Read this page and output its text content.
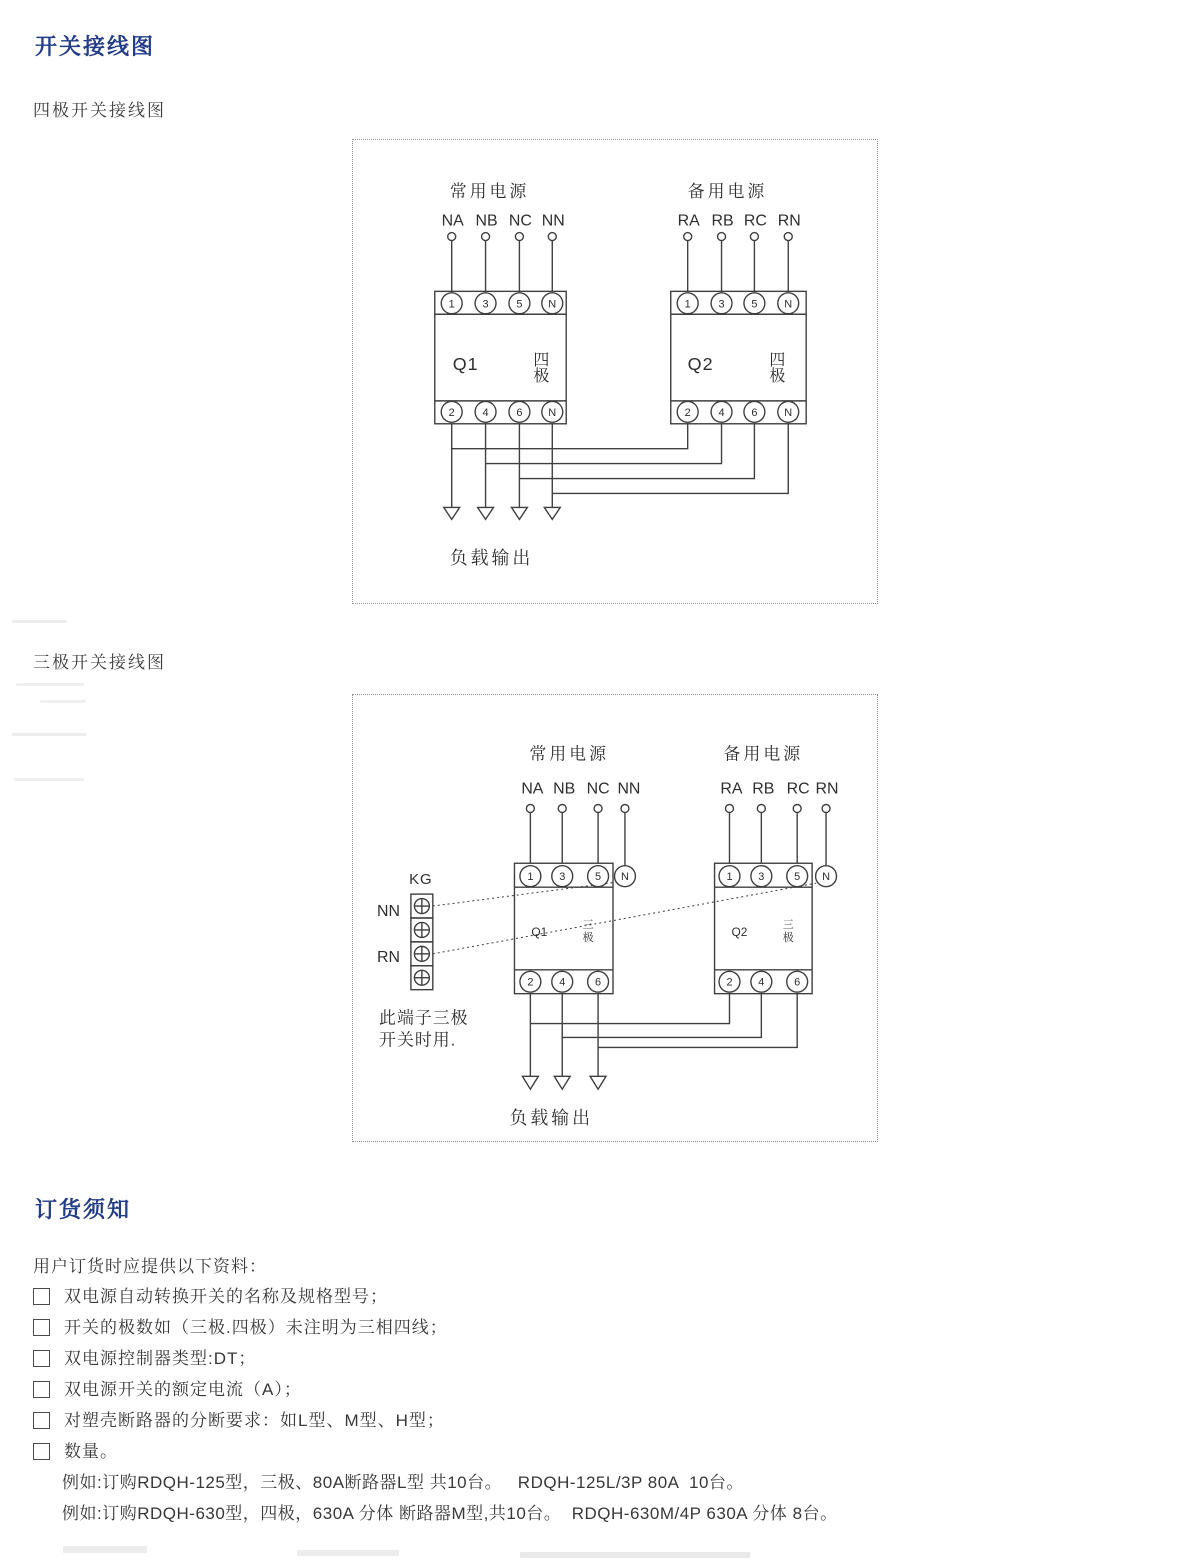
开关接线图
四极开关接线图
常用电源	备用电源
NA NB NC NN	RA RB RC RN
1	3	5 N
2	4	6 N
1	3 5 N
2	4 6 N
Q1	四
极
Q2	四
极
负载输出
三极开关接线图
常用电源	备用电源
NA NB NC NN	RA RB RC RN
1 3	5 N
2 4	6
1 3	5 N
2 4	6
KG
NN
RN
Q1	三
极	Q2	三
极
此端子三极
开关时用.
负载输出
订货须知
用户订货时应提供以下资料：
双电源自动转换开关的名称及规格型号；
开关的极数如（三极.四极）未注明为三相四线；
双电源控制器类型:DT；
双电源开关的额定电流（A）；
对塑壳断路器的分断要求：如L型、M型、H型；
数量。
例如:订购RDQH-125型，三极、80A断路器L型 共10台。   RDQH-125L/3P 80A  10台。
例如:订购RDQH-630型，四极，630A 分体 断路器M型,共10台。  RDQH-630M/4P 630A 分体 8台。
